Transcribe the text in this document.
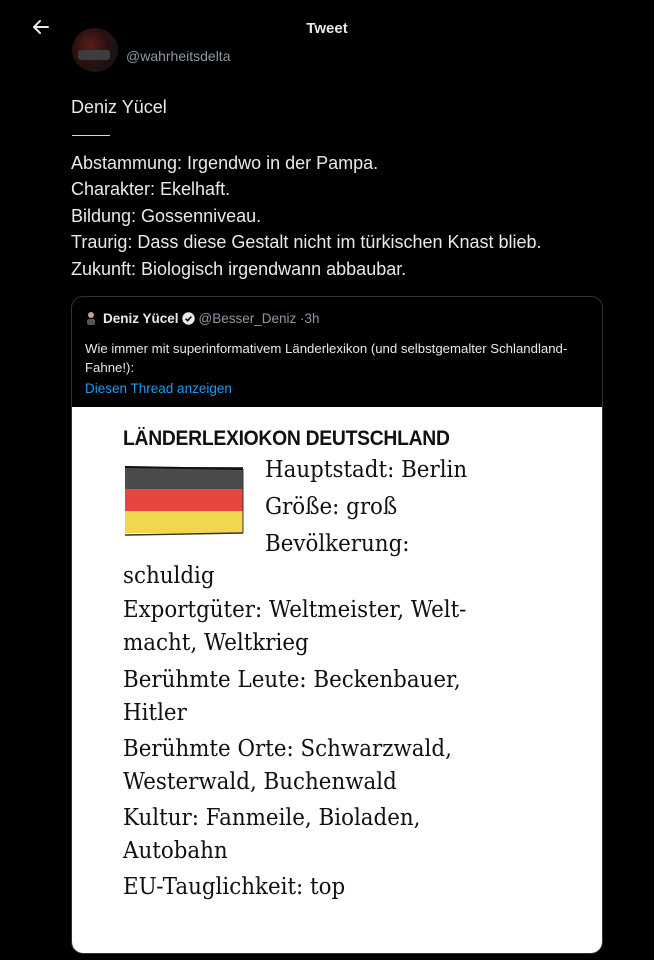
Tweet
@wahrheitsdelta
Deniz Yücel
Abstammung: Irgendwo in der Pampa.
Charakter: Ekelhaft.
Bildung: Gossenniveau.
Traurig: Dass diese Gestalt nicht im türkischen Knast blieb.
Zukunft: Biologisch irgendwann abbaubar.
Deniz Yücel @Besser_Deniz ·3h
Wie immer mit superinformativem Länderlexikon (und selbstgemalter Schlandland-Fahne!):
Diesen Thread anzeigen
LÄNDERLEXIOKON DEUTSCHLAND
Hauptstadt: Berlin
Größe: groß
Bevölkerung:
schuldig
Exportgüter: Weltmeister, Welt-
macht, Weltkrieg
Berühmte Leute: Beckenbauer,
Hitler
Berühmte Orte: Schwarzwald,
Westerwald, Buchenwald
Kultur: Fanmeile, Bioladen,
Autobahn
EU-Tauglichkeit: top
